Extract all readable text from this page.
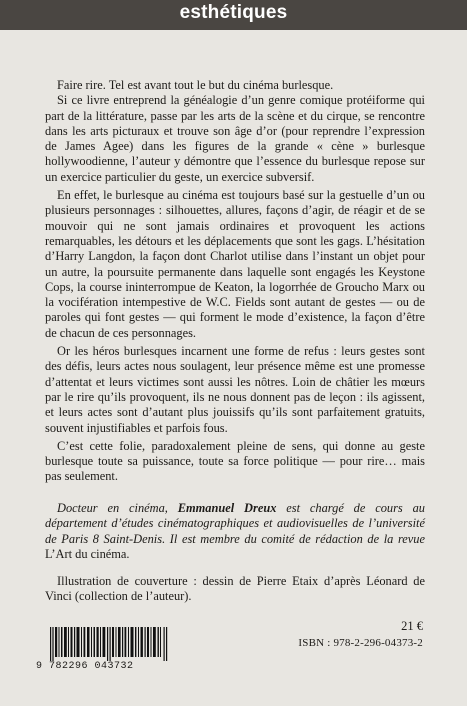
esthétiques

Faire rire. Tel est avant tout le but du cinéma burlesque.

Si ce livre entreprend la généalogie d’un genre comique protéiforme qui part de la littérature, passe par les arts de la scène et du cirque, se rencontre dans les arts picturaux et trouve son âge d’or (pour reprendre l’expression de James Agee) dans les figures de la grande « cène » burlesque hollywoodienne, l’auteur y démontre que l’essence du burlesque repose sur un exercice particulier du geste, un exercice subversif.

En effet, le burlesque au cinéma est toujours basé sur la gestuelle d’un ou plusieurs personnages : silhouettes, allures, façons d’agir, de réagir et de se mouvoir qui ne sont jamais ordinaires et provoquent les actions remarquables, les détours et les déplacements que sont les gags. L’hésitation d’Harry Langdon, la façon dont Charlot utilise dans l’instant un objet pour un autre, la poursuite permanente dans laquelle sont engagés les Keystone Cops, la course ininterrompue de Keaton, la logorrhée de Groucho Marx ou la vocifération intempestive de W.C. Fields sont autant de gestes — ou de paroles qui font gestes — qui forment le mode d’existence, la façon d’être de chacun de ces personnages.

Or les héros burlesques incarnent une forme de refus : leurs gestes sont des défis, leurs actes nous soulagent, leur présence même est une promesse d’attentat et leurs victimes sont aussi les nôtres. Loin de châtier les mœurs par le rire qu’ils provoquent, ils ne nous donnent pas de leçon : ils agissent, et leurs actes sont d’autant plus jouissifs qu’ils sont parfaitement gratuits, souvent injustifiables et parfois fous.

C’est cette folie, paradoxalement pleine de sens, qui donne au geste burlesque toute sa puissance, toute sa force politique — pour rire… mais pas seulement.

Docteur en cinéma, Emmanuel Dreux est chargé de cours au département d’études cinématographiques et audiovisuelles de l’université de Paris 8 Saint-Denis. Il est membre du comité de rédaction de la revue L’Art du cinéma.

Illustration de couverture : dessin de Pierre Etaix d’après Léonard de Vinci (collection de l’auteur).

9 782296 043732
21 €
ISBN : 978-2-296-04373-2
